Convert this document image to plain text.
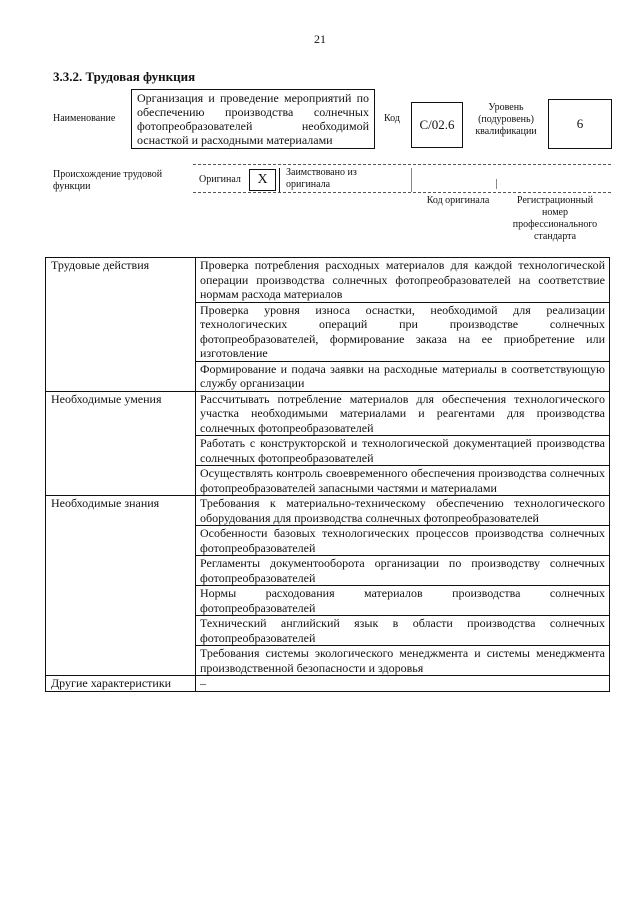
21
3.3.2. Трудовая функция
Наименование
Организация и проведение мероприятий по обеспечению производства солнечных фотопреобразователей необходимой оснасткой и расходными материалами
Код	C/02.6
Уровень (подуровень) квалификации
6
Происхождение трудовой функции
Оригинал	X	Заимствовано из оригинала
Код оригинала	Регистрационный номер профессионального стандарта
Трудовые действия	Проверка потребления расходных материалов для каждой технологической операции производства солнечных фотопреобразователей на соответствие нормам расхода материалов
	Проверка уровня износа оснастки, необходимой для реализации технологических операций при производстве солнечных фотопреобразователей, формирование заказа на ее приобретение или изготовление
	Формирование и подача заявки на расходные материалы в соответствующую службу организации
Необходимые умения	Рассчитывать потребление материалов для обеспечения технологического участка необходимыми материалами и реагентами для производства солнечных фотопреобразователей
	Работать с конструкторской и технологической документацией производства солнечных фотопреобразователей
	Осуществлять контроль своевременного обеспечения производства солнечных фотопреобразователей запасными частями и материалами
Необходимые знания	Требования к материально-техническому обеспечению технологического оборудования для производства солнечных фотопреобразователей
	Особенности базовых технологических процессов производства солнечных фотопреобразователей
	Регламенты документооборота организации по производству солнечных фотопреобразователей
	Нормы расходования материалов производства солнечных фотопреобразователей
	Технический английский язык в области производства солнечных фотопреобразователей
	Требования системы экологического менеджмента и системы менеджмента производственной безопасности и здоровья
Другие характеристики	–
